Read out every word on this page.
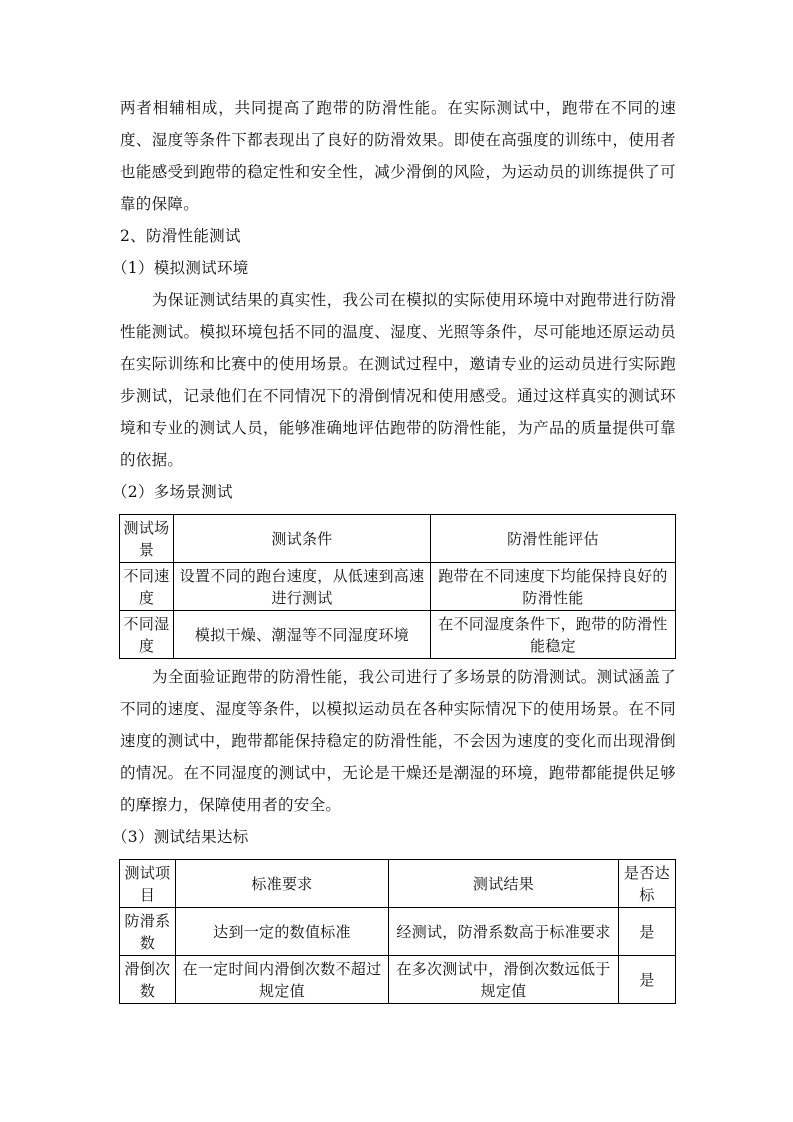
两者相辅相成，共同提高了跑带的防滑性能。在实际测试中，跑带在不同的速度、湿度等条件下都表现出了良好的防滑效果。即使在高强度的训练中，使用者也能感受到跑带的稳定性和安全性，减少滑倒的风险，为运动员的训练提供了可靠的保障。

2、防滑性能测试

（1）模拟测试环境

为保证测试结果的真实性，我公司在模拟的实际使用环境中对跑带进行防滑性能测试。模拟环境包括不同的温度、湿度、光照等条件，尽可能地还原运动员在实际训练和比赛中的使用场景。在测试过程中，邀请专业的运动员进行实际跑步测试，记录他们在不同情况下的滑倒情况和使用感受。通过这样真实的测试环境和专业的测试人员，能够准确地评估跑带的防滑性能，为产品的质量提供可靠的依据。

（2）多场景测试

测试场景	测试条件	防滑性能评估
不同速度	设置不同的跑台速度，从低速到高速进行测试	跑带在不同速度下均能保持良好的防滑性能
不同湿度	模拟干燥、潮湿等不同湿度环境	在不同湿度条件下，跑带的防滑性能稳定

为全面验证跑带的防滑性能，我公司进行了多场景的防滑测试。测试涵盖了不同的速度、湿度等条件，以模拟运动员在各种实际情况下的使用场景。在不同速度的测试中，跑带都能保持稳定的防滑性能，不会因为速度的变化而出现滑倒的情况。在不同湿度的测试中，无论是干燥还是潮湿的环境，跑带都能提供足够的摩擦力，保障使用者的安全。

（3）测试结果达标

测试项目	标准要求	测试结果	是否达标
防滑系数	达到一定的数值标准	经测试，防滑系数高于标准要求	是
滑倒次数	在一定时间内滑倒次数不超过规定值	在多次测试中，滑倒次数远低于规定值	是
